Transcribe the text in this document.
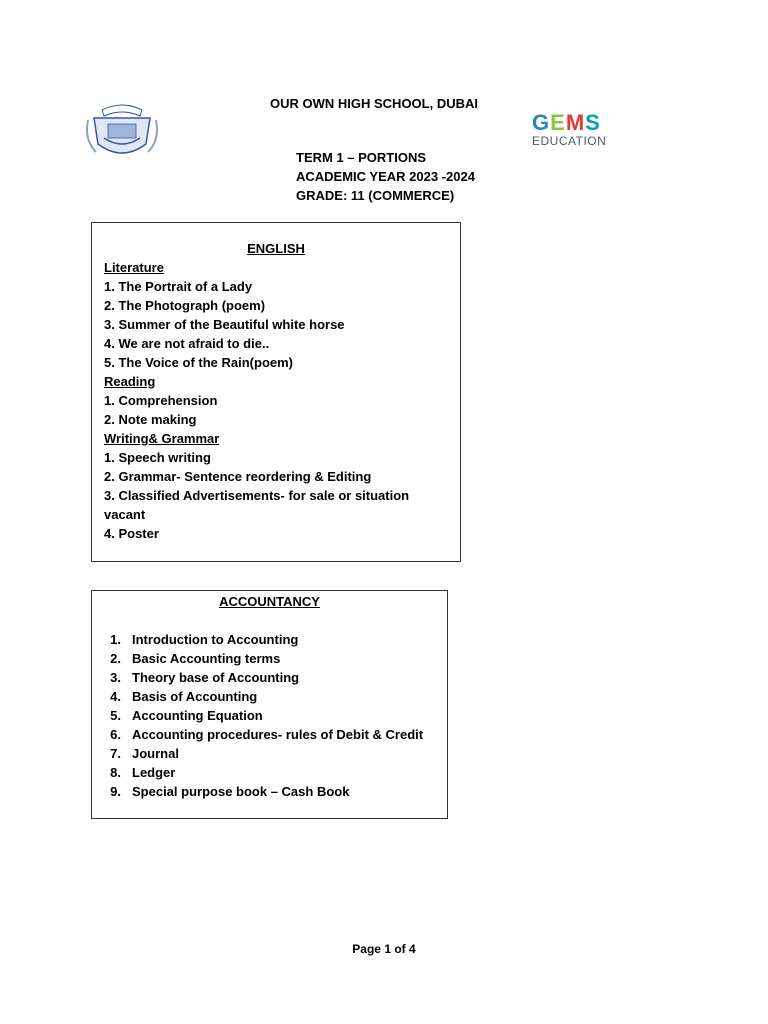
OUR OWN HIGH SCHOOL, DUBAI
GEMS
EDUCATION
TERM 1 – PORTIONS
ACADEMIC YEAR 2023 -2024
GRADE: 11 (COMMERCE)
ENGLISH
Literature
1. The Portrait of a Lady
2. The Photograph (poem)
3. Summer of the Beautiful white horse
4. We are not afraid to die..
5. The Voice of the Rain(poem)
Reading
1. Comprehension
2. Note making
Writing& Grammar
1. Speech writing
2. Grammar- Sentence reordering & Editing
3. Classified Advertisements- for sale or situation vacant
4. Poster
ACCOUNTANCY
1. Introduction to Accounting
2. Basic Accounting terms
3. Theory base of Accounting
4. Basis of Accounting
5. Accounting Equation
6. Accounting procedures- rules of Debit & Credit
7. Journal
8. Ledger
9. Special purpose book – Cash Book
Page 1 of 4
